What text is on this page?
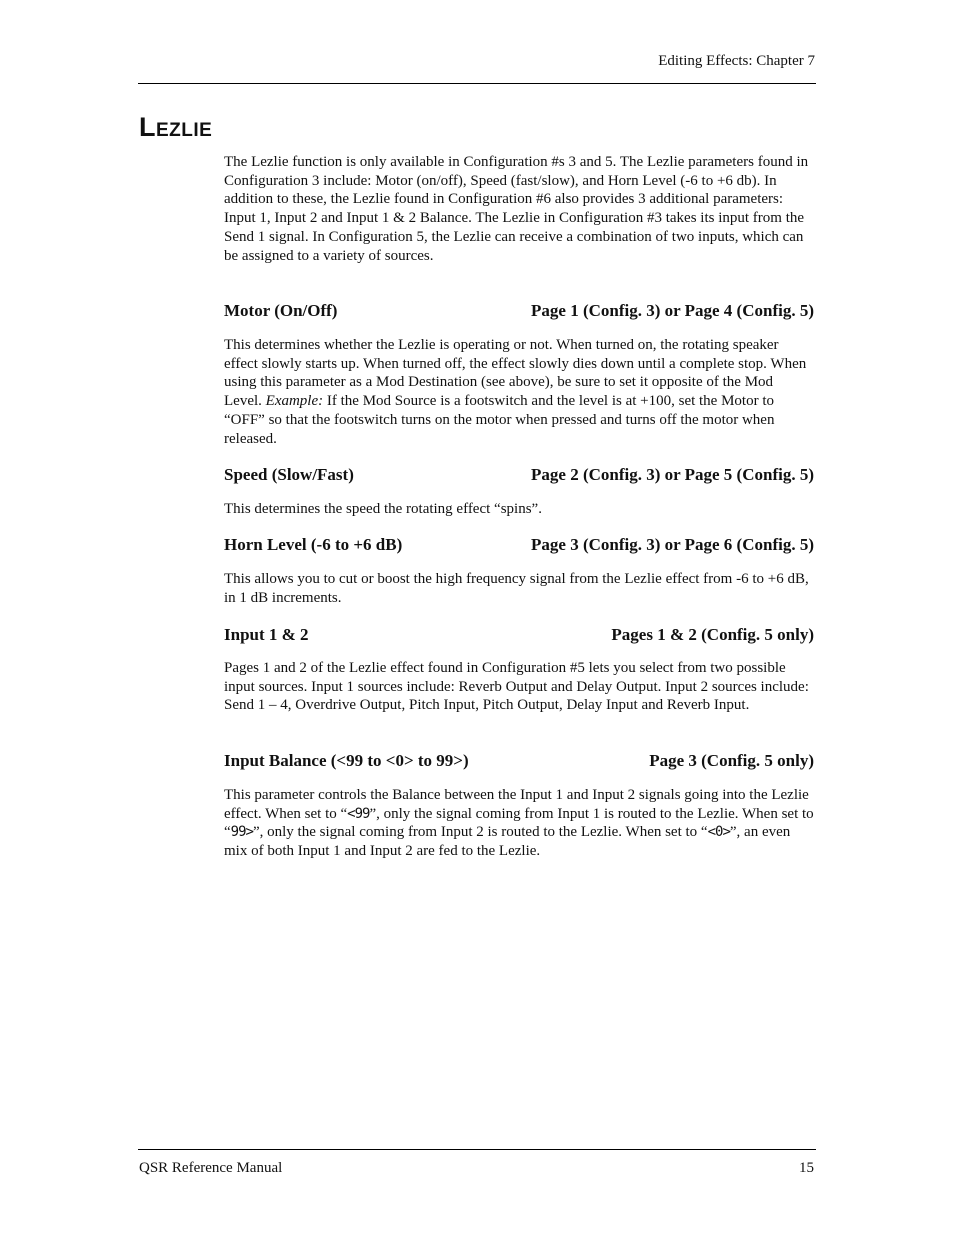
Editing Effects: Chapter 7
Lezlie
The Lezlie function is only available in Configuration #s 3 and 5. The Lezlie parameters found in Configuration 3 include: Motor (on/off), Speed (fast/slow), and Horn Level (-6 to +6 db). In addition to these, the Lezlie found in Configuration #6 also provides 3 additional parameters: Input 1, Input 2 and Input 1 & 2 Balance. The Lezlie in Configuration #3 takes its input from the Send 1 signal. In Configuration 5, the Lezlie can receive a combination of two inputs, which can be assigned to a variety of sources.
Motor (On/Off)	Page 1 (Config. 3) or Page 4 (Config. 5)
This determines whether the Lezlie is operating or not. When turned on, the rotating speaker effect slowly starts up. When turned off, the effect slowly dies down until a complete stop. When using this parameter as a Mod Destination (see above), be sure to set it opposite of the Mod Level. Example: If the Mod Source is a footswitch and the level is at +100, set the Motor to “OFF” so that the footswitch turns on the motor when pressed and turns off the motor when released.
Speed (Slow/Fast)	Page 2 (Config. 3) or Page 5 (Config. 5)
This determines the speed the rotating effect “spins”.
Horn Level (-6 to +6 dB)	Page 3 (Config. 3) or Page 6 (Config. 5)
This allows you to cut or boost the high frequency signal from the Lezlie effect from -6 to +6 dB, in 1 dB increments.
Input 1 & 2	Pages 1 & 2 (Config. 5 only)
Pages 1 and 2 of the Lezlie effect found in Configuration #5 lets you select from two possible input sources. Input 1 sources include: Reverb Output and Delay Output. Input 2 sources include: Send 1 – 4, Overdrive Output, Pitch Input, Pitch Output, Delay Input and Reverb Input.
Input Balance (<99 to <0> to 99>)	Page 3 (Config. 5 only)
This parameter controls the Balance between the Input 1 and Input 2 signals going into the Lezlie effect. When set to “<99”, only the signal coming from Input 1 is routed to the Lezlie. When set to “99>”, only the signal coming from Input 2 is routed to the Lezlie. When set to “<0>”, an even mix of both Input 1 and Input 2 are fed to the Lezlie.
QSR Reference Manual	15
